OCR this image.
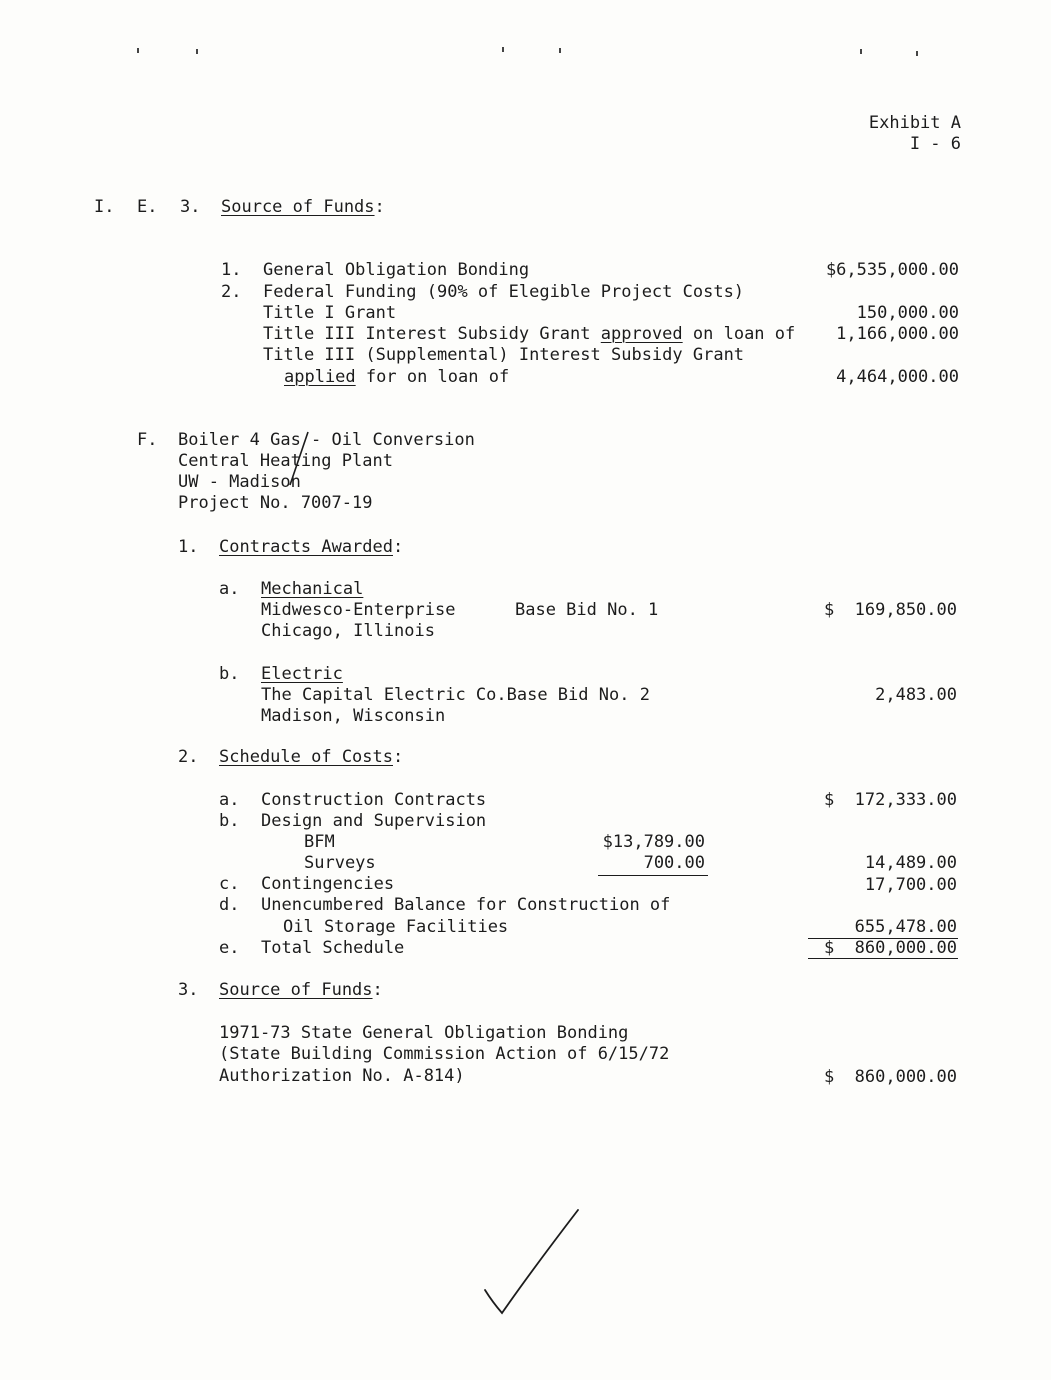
Exhibit A
I - 6
I. E. 3. Source of Funds:
1. General Obligation Bonding	$6,535,000.00
2. Federal Funding (90% of Elegible Project Costs)
Title I Grant	150,000.00
Title III Interest Subsidy Grant approved on loan of 1,166,000.00
Title III (Supplemental) Interest Subsidy Grant
applied for on loan of	4,464,000.00
F. Boiler 4 Gas - Oil Conversion
Central Heating Plant
UW - Madison
Project No. 7007-19
1. Contracts Awarded:
a. Mechanical
Midwesco-Enterprise	Base Bid No. 1	$  169,850.00
Chicago, Illinois
b. Electric
The Capital Electric Co.Base Bid No. 2	2,483.00
Madison, Wisconsin
2. Schedule of Costs:
a. Construction Contracts	$  172,333.00
b. Design and Supervision
BFM	$13,789.00
Surveys	700.00	14,489.00
c. Contingencies	17,700.00
d. Unencumbered Balance for Construction of
Oil Storage Facilities	655,478.00
e. Total Schedule	$  860,000.00
3. Source of Funds:
1971-73 State General Obligation Bonding
(State Building Commission Action of 6/15/72
Authorization No. A-814)	$  860,000.00
